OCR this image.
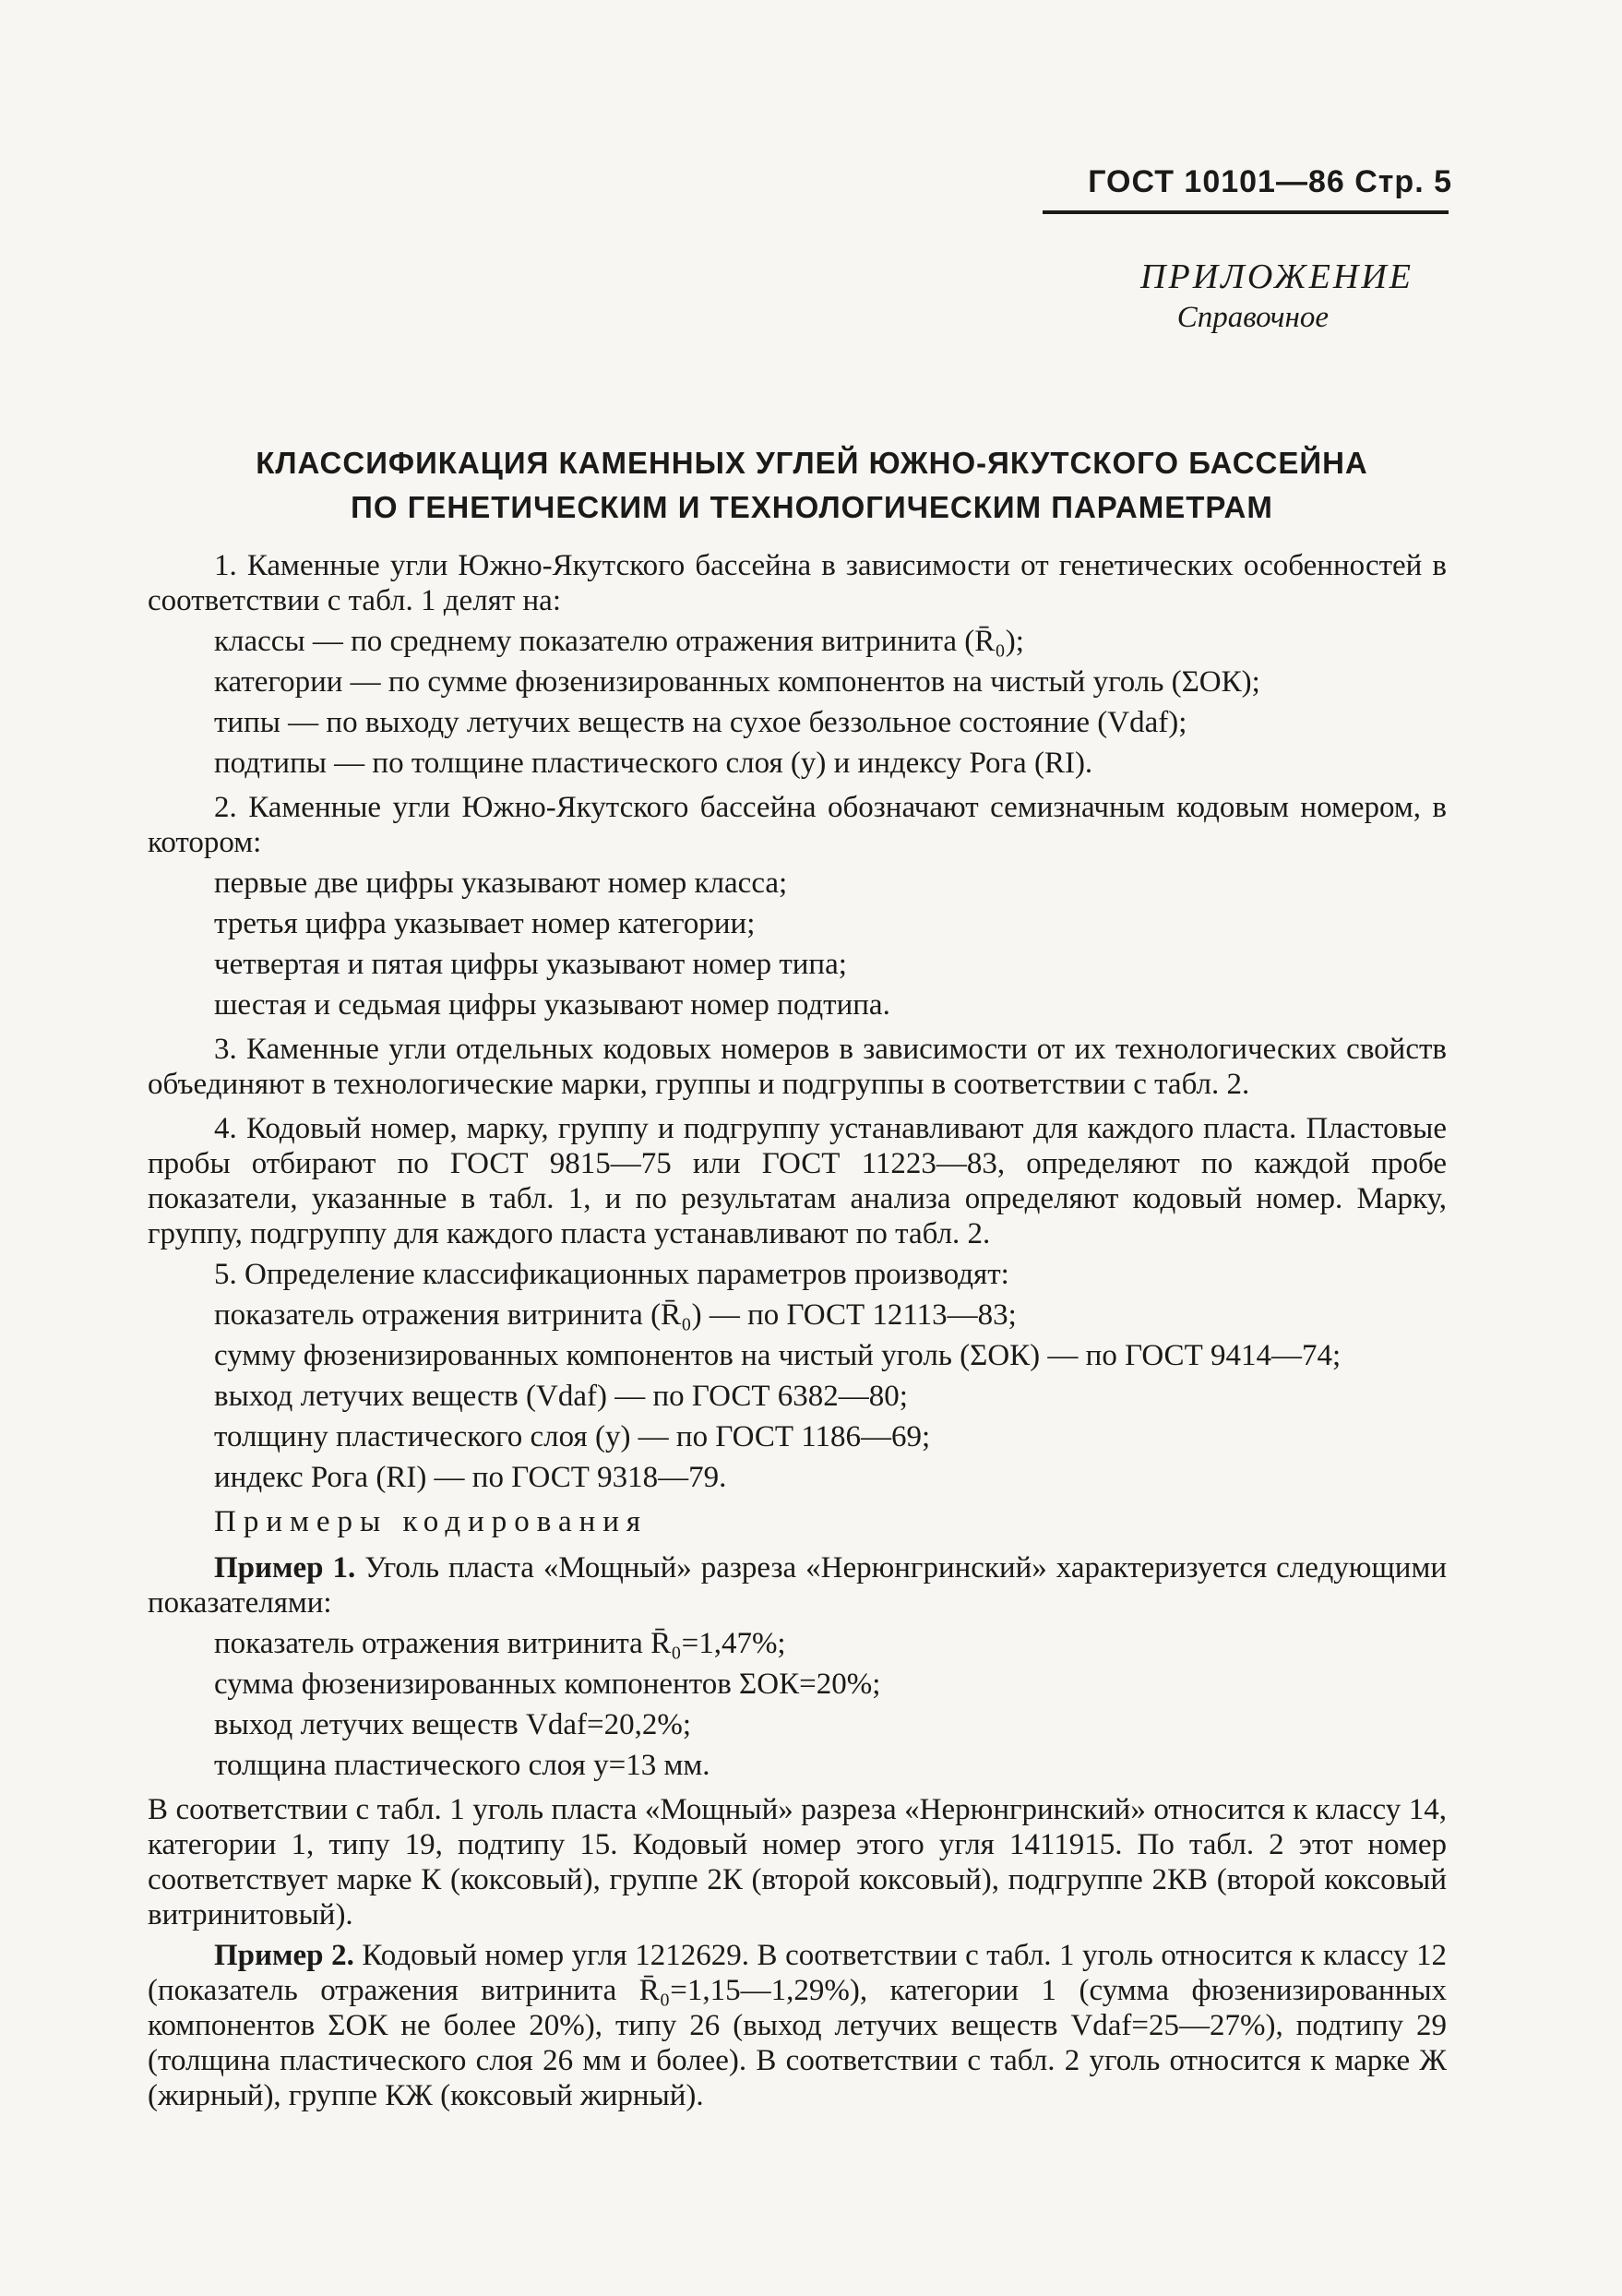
ГОСТ 10101—86 Стр. 5
ПРИЛОЖЕНИЕ
Справочное
КЛАССИФИКАЦИЯ КАМЕННЫХ УГЛЕЙ ЮЖНО-ЯКУТСКОГО БАССЕЙНА
ПО ГЕНЕТИЧЕСКИМ И ТЕХНОЛОГИЧЕСКИМ ПАРАМЕТРАМ

1. Каменные угли Южно-Якутского бассейна в зависимости от генетических особенностей в соответствии с табл. 1 делят на:

классы — по среднему показателю отражения витринита (R̄₀);

категории — по сумме фюзенизированных компонентов на чистый уголь (ΣОК);

типы — по выходу летучих веществ на сухое беззольное состояние (Vdaf);

подтипы — по толщине пластического слоя (y) и индексу Рога (RI).

2. Каменные угли Южно-Якутского бассейна обозначают семизначным кодовым номером, в котором:

первые две цифры указывают номер класса;

третья цифра указывает номер категории;

четвертая и пятая цифры указывают номер типа;

шестая и седьмая цифры указывают номер подтипа.

3. Каменные угли отдельных кодовых номеров в зависимости от их технологических свойств объединяют в технологические марки, группы и подгруппы в соответствии с табл. 2.

4. Кодовый номер, марку, группу и подгруппу устанавливают для каждого пласта. Пластовые пробы отбирают по ГОСТ 9815—75 или ГОСТ 11223—83, определяют по каждой пробе показатели, указанные в табл. 1, и по результатам анализа определяют кодовый номер. Марку, группу, подгруппу для каждого пласта устанавливают по табл. 2.

5. Определение классификационных параметров производят:

показатель отражения витринита (R̄₀) — по ГОСТ 12113—83;

сумму фюзенизированных компонентов на чистый уголь (ΣОК) — по ГОСТ 9414—74;

выход летучих веществ (Vdaf) — по ГОСТ 6382—80;

толщину пластического слоя (y) — по ГОСТ 1186—69;

индекс Рога (RI) — по ГОСТ 9318—79.

Примеры кодирования

Пример 1. Уголь пласта «Мощный» разреза «Нерюнгринский» характеризуется следующими показателями:

показатель отражения витринита R̄₀=1,47%;

сумма фюзенизированных компонентов ΣОК=20%;

выход летучих веществ Vdaf=20,2%;

толщина пластического слоя y=13 мм.

В соответствии с табл. 1 уголь пласта «Мощный» разреза «Нерюнгринский» относится к классу 14, категории 1, типу 19, подтипу 15. Кодовый номер этого угля 1411915. По табл. 2 этот номер соответствует марке К (коксовый), группе 2К (второй коксовый), подгруппе 2КВ (второй коксовый витринитовый).

Пример 2. Кодовый номер угля 1212629. В соответствии с табл. 1 уголь относится к классу 12 (показатель отражения витринита R̄₀=1,15—1,29%), категории 1 (сумма фюзенизированных компонентов ΣОК не более 20%), типу 26 (выход летучих веществ Vdaf=25—27%), подтипу 29 (толщина пластического слоя 26 мм и более). В соответствии с табл. 2 уголь относится к марке Ж (жирный), группе КЖ (коксовый жирный).
